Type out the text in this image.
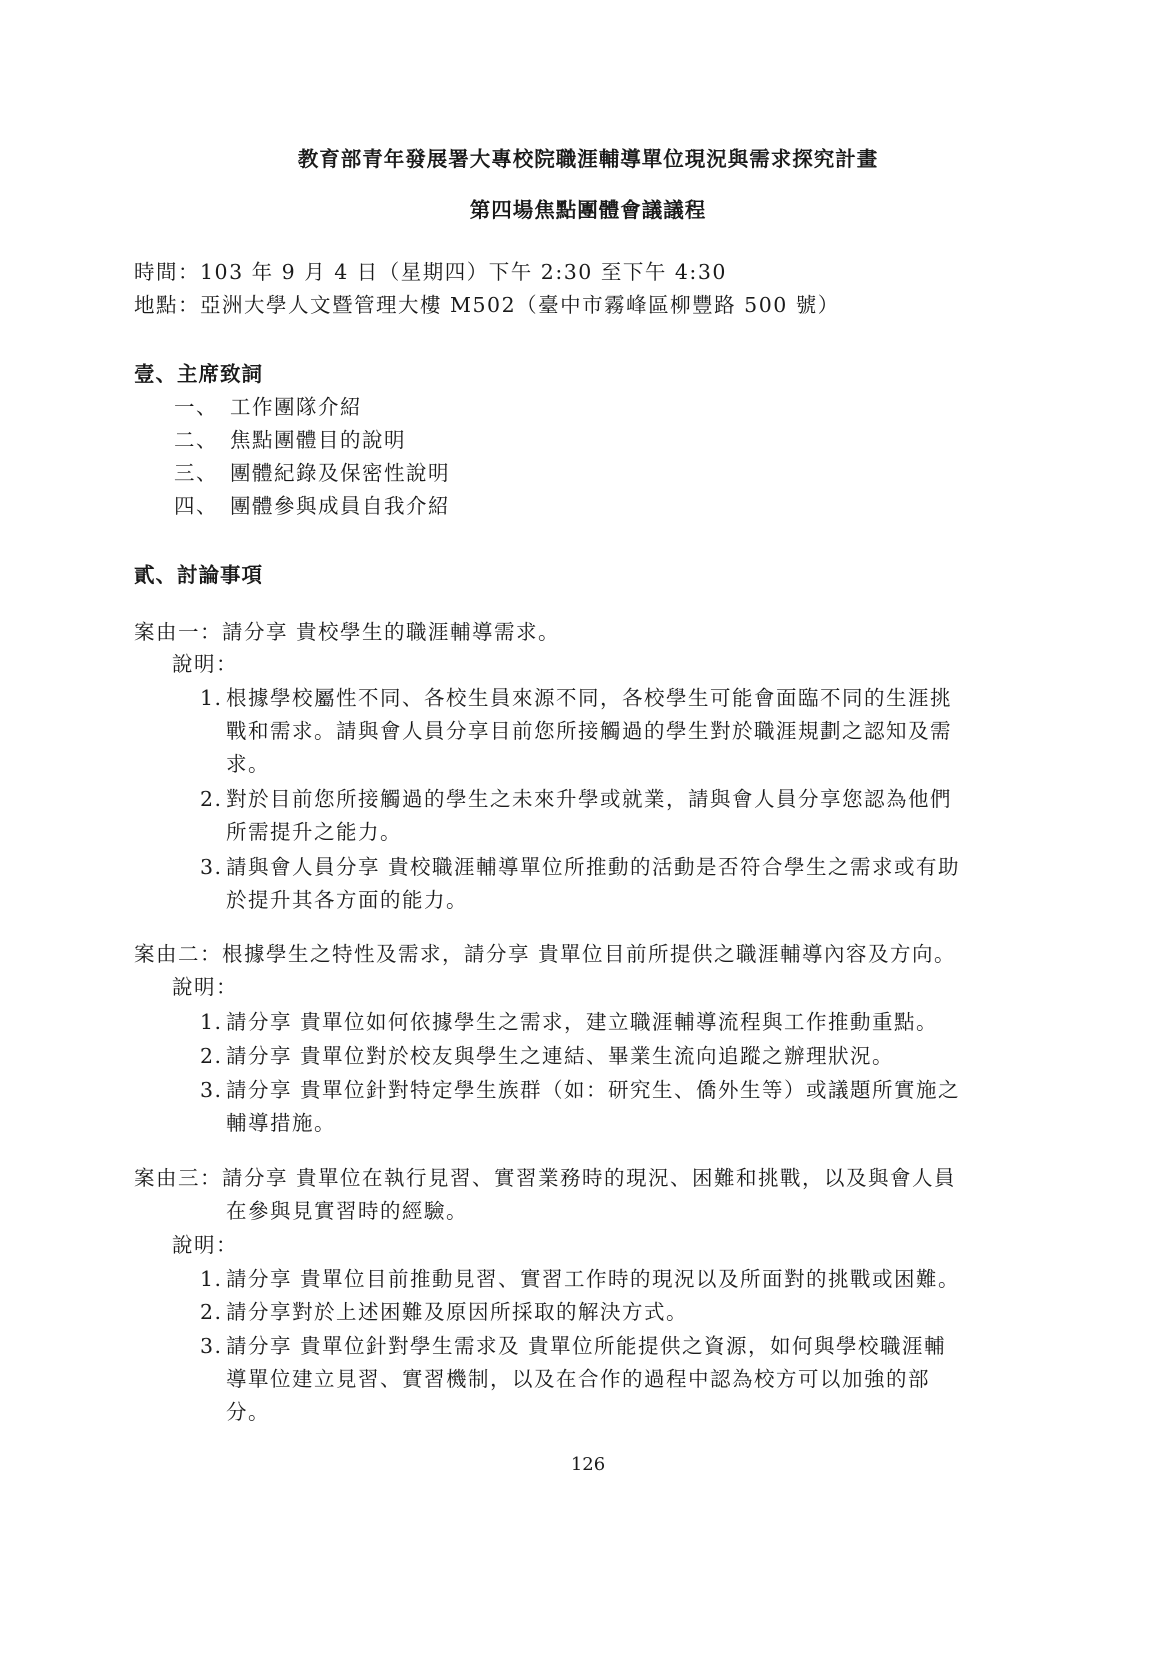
教育部青年發展署大專校院職涯輔導單位現況與需求探究計畫
第四場焦點團體會議議程
時間：103 年 9 月 4 日（星期四）下午 2:30 至下午 4:30
地點：亞洲大學人文暨管理大樓 M502（臺中市霧峰區柳豐路 500 號）
壹、主席致詞
一、 工作團隊介紹
二、 焦點團體目的說明
三、 團體紀錄及保密性說明
四、 團體參與成員自我介紹
貳、討論事項
案由一：請分享 貴校學生的職涯輔導需求。
說明：
1. 根據學校屬性不同、各校生員來源不同，各校學生可能會面臨不同的生涯挑
戰和需求。請與會人員分享目前您所接觸過的學生對於職涯規劃之認知及需
求。
2. 對於目前您所接觸過的學生之未來升學或就業，請與會人員分享您認為他們
所需提升之能力。
3. 請與會人員分享 貴校職涯輔導單位所推動的活動是否符合學生之需求或有助
於提升其各方面的能力。
案由二：根據學生之特性及需求，請分享 貴單位目前所提供之職涯輔導內容及方向。
說明：
1. 請分享 貴單位如何依據學生之需求，建立職涯輔導流程與工作推動重點。
2. 請分享 貴單位對於校友與學生之連結、畢業生流向追蹤之辦理狀況。
3. 請分享 貴單位針對特定學生族群（如：研究生、僑外生等）或議題所實施之
輔導措施。
案由三：請分享 貴單位在執行見習、實習業務時的現況、困難和挑戰，以及與會人員
在參與見實習時的經驗。
說明：
1. 請分享 貴單位目前推動見習、實習工作時的現況以及所面對的挑戰或困難。
2. 請分享對於上述困難及原因所採取的解決方式。
3. 請分享 貴單位針對學生需求及 貴單位所能提供之資源，如何與學校職涯輔
導單位建立見習、實習機制，以及在合作的過程中認為校方可以加強的部
分。
126
